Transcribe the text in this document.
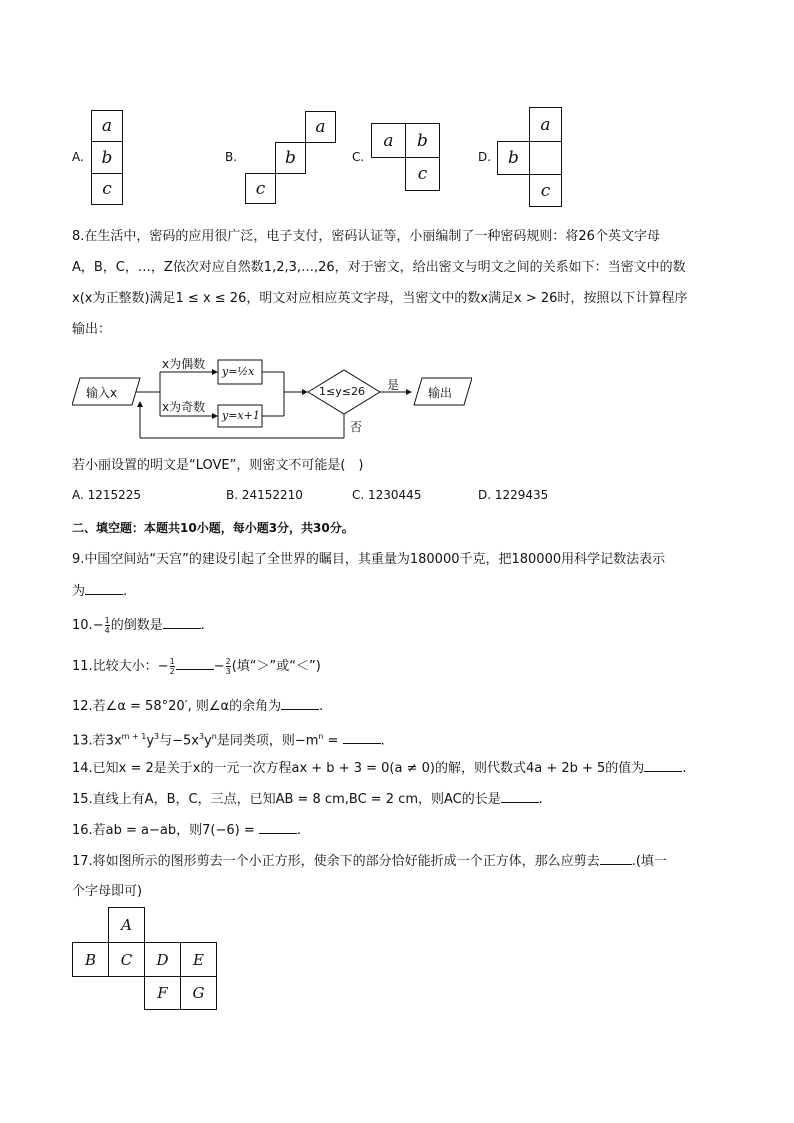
A.
a
b
c
B.
a
b
c
C.
a	b
c
D.
a
b
c
8.在生活中，密码的应用很广泛，电子支付，密码认证等，小丽编制了一种密码规则：将26个英文字母
A，B，C，…，Z依次对应自然数1,2,3,…,26，对于密文，给出密文与明文之间的关系如下：当密文中的数
x(x为正整数)满足1 ≤ x ≤ 26，明文对应相应英文字母，当密文中的数x满足x > 26时，按照以下计算程序
输出：
输入x
x为偶数
x为奇数
y=½x
y=x+1
1≤y≤26 是
否
输出
若小丽设置的明文是“LOVE”，则密文不可能是(　)
A. 1215225	B. 24152210	C. 1230445	D. 1229435
二、填空题：本题共10小题，每小题3分，共30分。
9.中国空间站“天宫”的建设引起了全世界的瞩目，其重量为180000千克，把180000用科学记数法表示
为	.
$10.- \frac{1}{4}$ 的倒数是	.
11.比较大小：− $\frac{1}{2}$	− $\frac{2}{3}$ (填“＞”或“＜”)
12.若∠α = 58°20′, 则∠α的余角为	.
13.若$3x^{m + 1}y^3$与$-5x^3y^n$是同类项，则$-m^n$ =	.
14.已知x = 2是关于x的一元一次方程ax + b + 3 = 0(a ≠ 0)的解，则代数式4a + 2b + 5的值为	.
15.直线上有A，B，C，三点，已知AB = 8 cm,BC = 2 cm，则AC的长是	.
16.若ab = a−ab，则7(−6) =	.
17.将如图所示的图形剪去一个小正方形，使余下的部分恰好能折成一个正方体，那么应剪去 .(填一
个字母即可)
A
B	C	D	E
F	G
